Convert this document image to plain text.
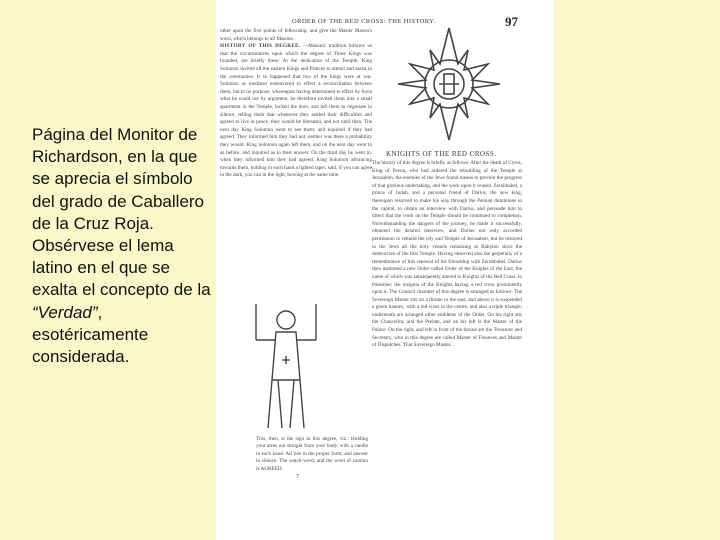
Página del Monitor de Richardson, en la que se aprecia el símbolo del grado de Caballero de la Cruz Roja. Obsérvese el lema latino en el que se exalta el concepto de la “Verdad”, esotéricamente considerada.
ORDER OF THE RED CROSS: THE HISTORY.	97
other upon the five points of fellowship, and give the Master Mason's word, which belongs to all Masons.
HISTORY OF THIS DEGREE. —Masonic tradition informs us that the circumstances upon which the degree of Three Kings was founded, are briefly these: At the dedication of the Temple, King Solomon invited all the eastern Kings and Princes to attend and assist in the ceremonies. It so happened that two of the kings were at war. Solomon as mediator endeavored to effect a reconciliation between them, but to no purpose; whereupon having determined to effect by force what he could not by argument, he therefore invited them into a small apartment in the Temple, locked the door, and left them to negotiate in silence, telling them that whenever they settled their difficulties and agreed to live in peace, they would be liberated, and not until then. The next day King Solomon went to see them, and inquired if they had agreed. They informed him they had not, neither was there a probability they would. King Solomon again left them, and on the next day went in as before, and inquired as to their answer. On the third day he went in, when they informed him they had agreed. King Solomon advancing towards them, holding in each hand a lighted taper, said, if you can agree in the dark, you can in the light, bowing at the same time.
KNIGHTS OF THE RED CROSS.
The history of this degree is briefly as follows: After the death of Cyrus, King of Persia, who had ordered the rebuilding of the Temple at Jerusalem, the enemies of the Jews found means to prevent the progress of that glorious undertaking, and the work upon it ceased. Zerubbabel, a prince of Judah, and a personal friend of Darius, the new king, thereupon resolved to make his way through the Persian dominions to the capital, to obtain an interview with Darius, and persuade him to direct that the work on the Temple should be continued to completion. Notwithstanding the dangers of the journey, he made it successfully, obtained the desired interview, and Darius not only accorded permission to rebuild the city and Temple of Jerusalem, but he restored to the Jews all the holy vessels remaining at Babylon since the destruction of the first Temple. Having observed also the perpetuity of a remembrance of this renewal of his friendship with Zerubbabel, Darius then instituted a new Order called Order of the Knights of the East, the name of which was subsequently altered to Knights of the Red Cross, in Palestine; the insignia of the Knights having a red cross prominently upon it. The Council chamber of this degree is arranged as follows: The Sovereign Master sits on a throne in the east, and above it is suspended a green banney, with a red cross in the centre, and also a triple triangle; underneath are arranged other emblems of the Order. On his right sits the Chancellor, and the Prelate, and on his left is the Master of the Palace. On the right, and left in front of the throne are the Treasurer and Secretary, who in this degree are called Master of Finances and Master of Dispatches. That Sovereign Master...
This, then, is the sign in this degree, viz.: Holding your arms out straight from your body, with a candle in each hand. All rise in the proper form, and answer in silence. The watch-word, and the word of caution is AGREED.
7
